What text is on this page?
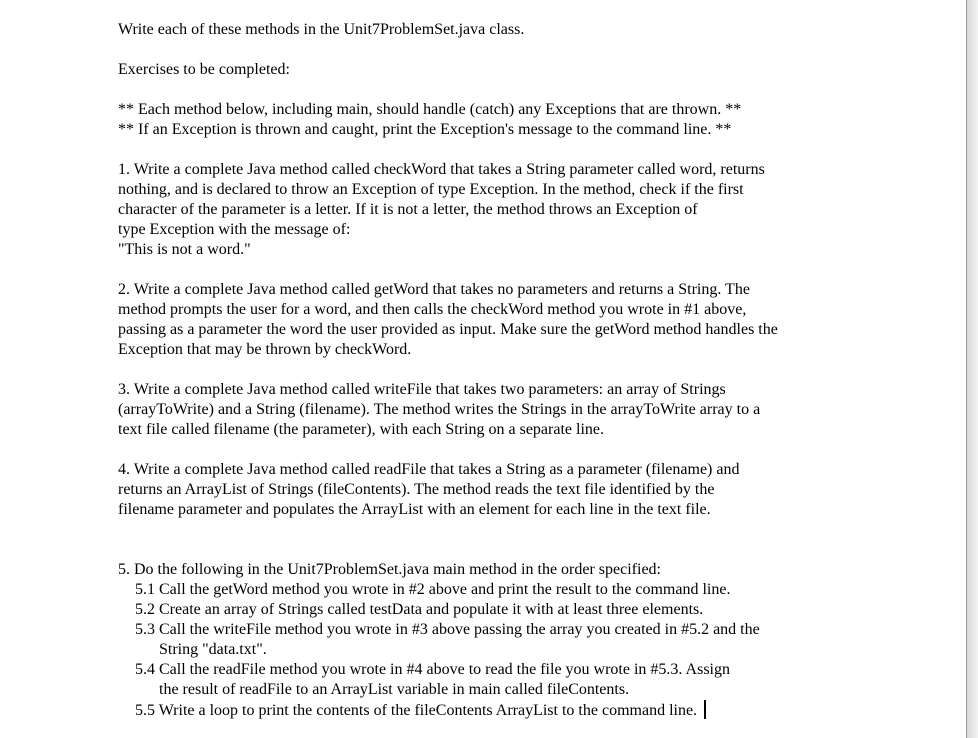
Write each of these methods in the Unit7ProblemSet.java class.

Exercises to be completed:

** Each method below, including main, should handle (catch) any Exceptions that are thrown. **

** If an Exception is thrown and caught, print the Exception's message to the command line. **

1. Write a complete Java method called checkWord that takes a String parameter called word, returns

nothing, and is declared to throw an Exception of type Exception. In the method, check if the first

character of the parameter is a letter. If it is not a letter, the method throws an Exception of

type Exception with the message of:

"This is not a word."

2. Write a complete Java method called getWord that takes no parameters and returns a String. The

method prompts the user for a word, and then calls the checkWord method you wrote in #1 above,

passing as a parameter the word the user provided as input. Make sure the getWord method handles the

Exception that may be thrown by checkWord.

3. Write a complete Java method called writeFile that takes two parameters: an array of Strings

(arrayToWrite) and a String (filename). The method writes the Strings in the arrayToWrite array to a

text file called filename (the parameter), with each String on a separate line.

4. Write a complete Java method called readFile that takes a String as a parameter (filename) and

returns an ArrayList of Strings (fileContents). The method reads the text file identified by the

filename parameter and populates the ArrayList with an element for each line in the text file.

5. Do the following in the Unit7ProblemSet.java main method in the order specified:

5.1 Call the getWord method you wrote in #2 above and print the result to the command line.

5.2 Create an array of Strings called testData and populate it with at least three elements.

5.3 Call the writeFile method you wrote in #3 above passing the array you created in #5.2 and the

String "data.txt".

5.4 Call the readFile method you wrote in #4 above to read the file you wrote in #5.3. Assign

the result of readFile to an ArrayList variable in main called fileContents.

5.5 Write a loop to print the contents of the fileContents ArrayList to the command line.
